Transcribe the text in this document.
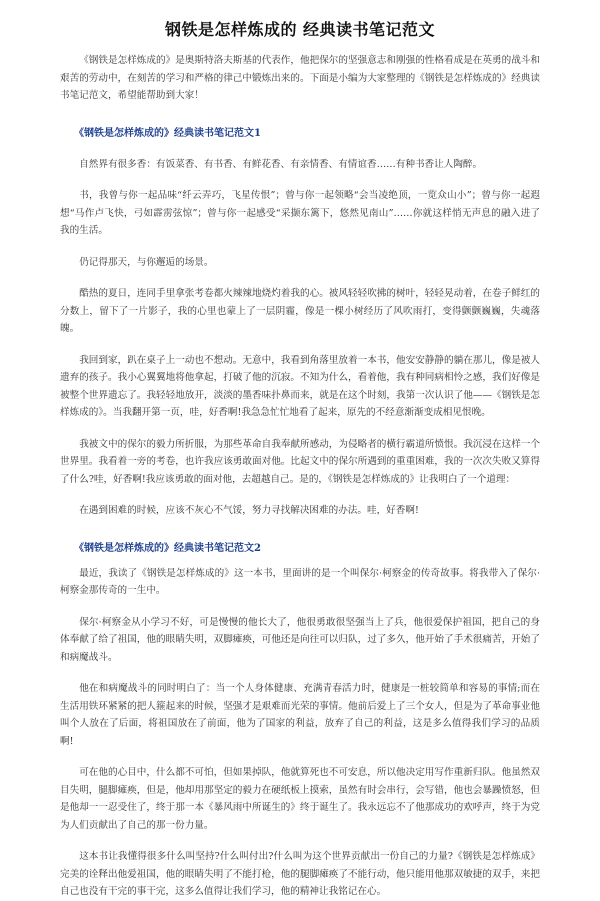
钢铁是怎样炼成的 经典读书笔记范文

《钢铁是怎样炼成的》是奥斯特洛夫斯基的代表作，他把保尔的坚强意志和刚强的性格看成是在英勇的战斗和艰苦的劳动中，在刻苦的学习和严格的律己中锻炼出来的。下面是小编为大家整理的《钢铁是怎样炼成的》经典读书笔记范文，希望能帮助到大家！

《钢铁是怎样炼成的》经典读书笔记范文1

自然界有很多香：有饭菜香、有书香、有鲜花香、有亲情香、有情谊香……有种书香让人陶醉。

书，我曾与你一起品味“纤云弄巧，飞星传恨”；曾与你一起领略“会当凌绝顶，一览众山小”；曾与你一起遐想“马作卢飞快，弓如霹雳弦惊”；曾与你一起感受“采撷东篱下，悠然见南山”……你就这样悄无声息的融入进了我的生活。

仍记得那天，与你邂逅的场景。

酷热的夏日，连同手里拿张考卷都火辣辣地烧灼着我的心。被风轻轻吹拂的树叶，轻轻晃动着，在卷子鲜红的分数上，留下了一片影子，我的心里也蒙上了一层阴霾，像是一棵小树经历了风吹雨打，变得颤颤巍巍，失魂落魄。

我回到家，趴在桌子上一动也不想动。无意中，我看到角落里放着一本书，他安安静静的躺在那儿，像是被人遗弃的孩子。我小心翼翼地将他拿起，打破了他的沉寂。不知为什么，看着他，我有种同病相怜之感，我们好像是被整个世界遗忘了。我轻轻地放开，淡淡的墨香味扑鼻而来，就是在这个时刻，我第一次认识了他——《钢铁是怎样炼成的》。当我翻开第一页，哇，好香啊!我急急忙忙地看了起来，原先的不经意渐渐变成相见恨晚。

我被文中的保尔的毅力所折服，为那些革命自我奉献所感动，为侵略者的横行霸道所愤恨。我沉浸在这样一个世界里。我看着一旁的考卷，也许我应该勇敢面对他。比起文中的保尔所遇到的重重困难，我的一次次失败又算得了什么?哇，好香啊!我应该勇敢的面对他，去超越自己。是的，《钢铁是怎样炼成的》让我明白了一个道理：

在遇到困难的时候，应该不灰心不气馁，努力寻找解决困难的办法。哇，好香啊!

《钢铁是怎样炼成的》经典读书笔记范文2

最近，我读了《钢铁是怎样炼成的》这一本书，里面讲的是一个叫保尔·柯察金的传奇故事。将我带入了保尔·柯察金那传奇的一生中。

保尔·柯察金从小学习不好，可是慢慢的他长大了，他很勇敢很坚强当上了兵，他很爱保护祖国，把自己的身体奉献了给了祖国，他的眼睛失明，双脚瘫痪，可他还是向往可以归队，过了多久，他开始了手术很痛苦，开始了和病魔战斗。

他在和病魔战斗的同时明白了：当一个人身体健康、充满青春活力时，健康是一桩较简单和容易的事情;而在生活用铁环紧紧的把人箍起来的时候，坚强才是艰难而光荣的事情。他前后爱上了三个女人，但是为了革命事业他叫个人放在了后面，将祖国放在了前面，他为了国家的利益，放弃了自己的利益，这是多么值得我们学习的品质啊!

可在他的心目中，什么都不可怕，但如果掉队，他就算死也不可安息，所以他决定用写作重新归队。他虽然双目失明，腿脚瘫痪，但是，他却用那坚定的毅力在硬纸板上摸索，虽然有时会串行，会写错，他也会暴躁愤怒，但是他却一一忍受住了，终于那一本《暴风雨中所诞生的》终于诞生了。我永远忘不了他那成功的欢呼声，终于为党为人们贡献出了自己的那一份力量。

这本书让我懂得很多什么叫坚持?什么叫付出?什么叫为这个世界贡献出一份自己的力量?《钢铁是怎样炼成》完美的诠释出他爱祖国，他的眼睛失明了不能打枪，他的腿脚瘫痪了不能行动，他只能用他那双敏捷的双手，来把自己也没有干完的事干完，这多么值得让我们学习，他的精神让我铭记在心。
